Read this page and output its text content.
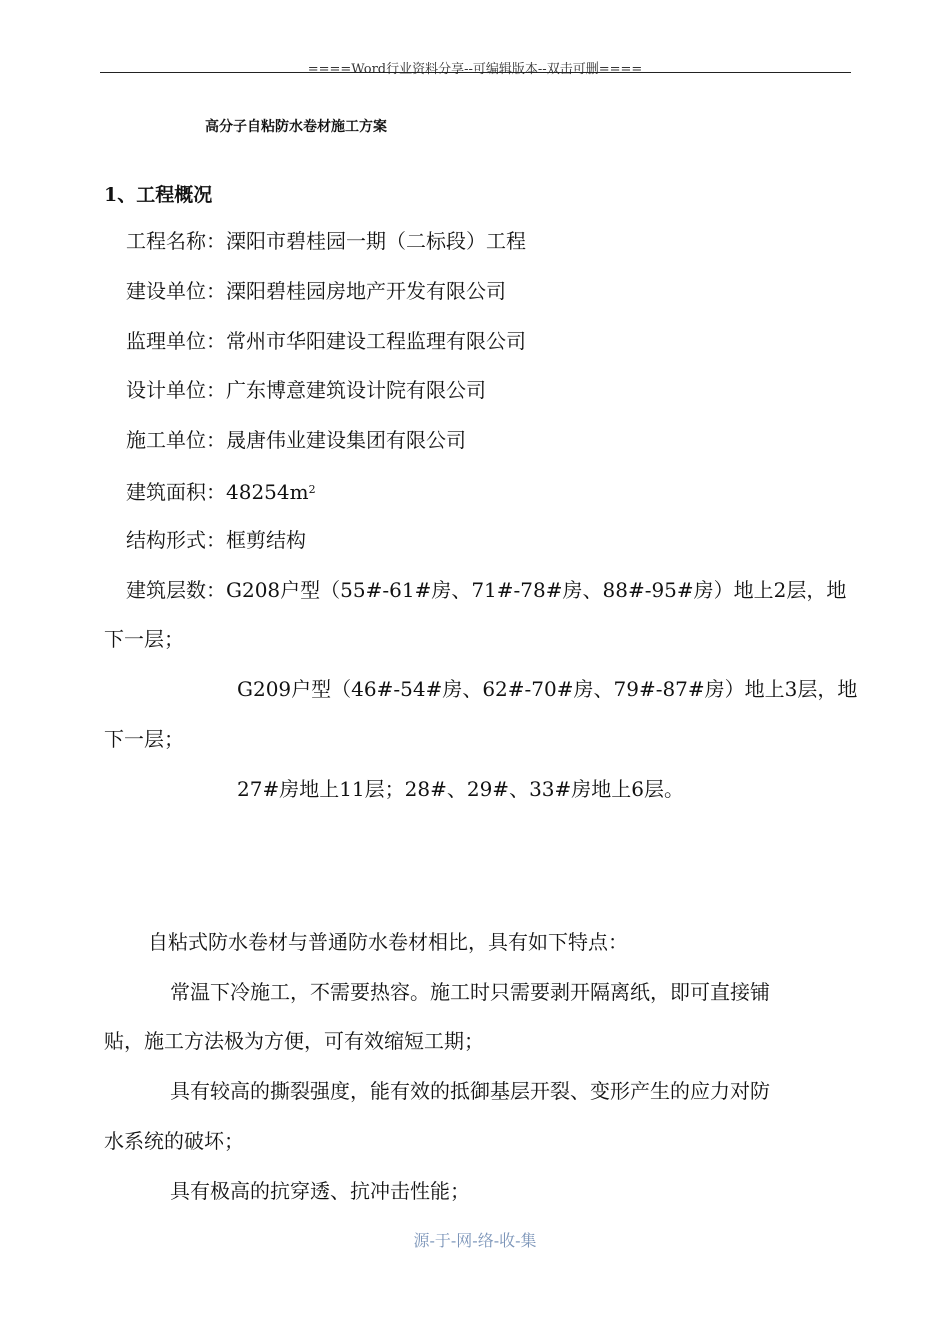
====Word行业资料分享--可编辑版本--双击可删====
高分子自粘防水卷材施工方案
1、工程概况
工程名称：溧阳市碧桂园一期（二标段）工程
建设单位：溧阳碧桂园房地产开发有限公司
监理单位：常州市华阳建设工程监理有限公司
设计单位：广东博意建筑设计院有限公司
施工单位：晟唐伟业建设集团有限公司
建筑面积：$48254m^2$
结构形式：框剪结构
建筑层数：G208户型（55#-61#房、71#-78#房、88#-95#房）地上2层，地
下一层；
G209户型（46#-54#房、62#-70#房、79#-87#房）地上3层，地
下一层；
27#房地上11层；28#、29#、33#房地上6层。
自粘式防水卷材与普通防水卷材相比，具有如下特点：
常温下冷施工，不需要热容。施工时只需要剥开隔离纸，即可直接铺
贴，施工方法极为方便，可有效缩短工期；
具有较高的撕裂强度，能有效的抵御基层开裂、变形产生的应力对防
水系统的破坏；
具有极高的抗穿透、抗冲击性能；
源-于-网-络-收-集
